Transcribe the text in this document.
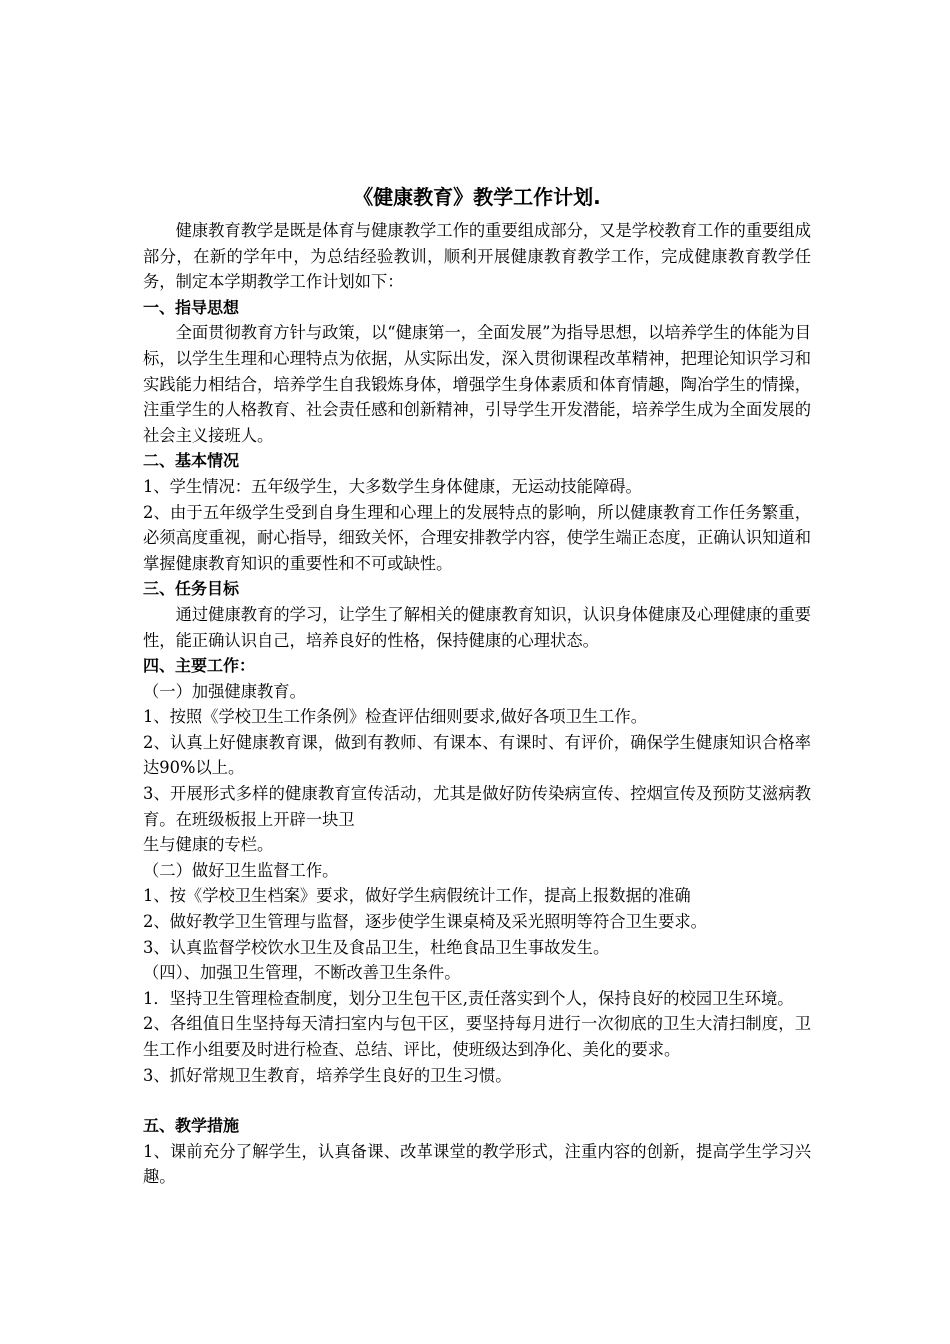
《健康教育》教学工作计划.

健康教育教学是既是体育与健康教学工作的重要组成部分，又是学校教育工作的重要组成部分，在新的学年中，为总结经验教训，顺利开展健康教育教学工作，完成健康教育教学任务，制定本学期教学工作计划如下：

一、指导思想

全面贯彻教育方针与政策，以“健康第一，全面发展”为指导思想，以培养学生的体能为目标，以学生生理和心理特点为依据，从实际出发，深入贯彻课程改革精神，把理论知识学习和实践能力相结合，培养学生自我锻炼身体，增强学生身体素质和体育情趣，陶冶学生的情操，注重学生的人格教育、社会责任感和创新精神，引导学生开发潜能，培养学生成为全面发展的社会主义接班人。

二、基本情况

1、学生情况：五年级学生，大多数学生身体健康，无运动技能障碍。

2、由于五年级学生受到自身生理和心理上的发展特点的影响，所以健康教育工作任务繁重，必须高度重视，耐心指导，细致关怀，合理安排教学内容，使学生端正态度，正确认识知道和掌握健康教育知识的重要性和不可或缺性。

三、任务目标

通过健康教育的学习，让学生了解相关的健康教育知识，认识身体健康及心理健康的重要性，能正确认识自己，培养良好的性格，保持健康的心理状态。

四、主要工作：

（一）加强健康教育。

1、按照《学校卫生工作条例》检查评估细则要求,做好各项卫生工作。

2、认真上好健康教育课，做到有教师、有课本、有课时、有评价，确保学生健康知识合格率达90%以上。

3、开展形式多样的健康教育宣传活动，尤其是做好防传染病宣传、控烟宣传及预防艾滋病教育。在班级板报上开辟一块卫

生与健康的专栏。

（二）做好卫生监督工作。

1、按《学校卫生档案》要求，做好学生病假统计工作，提高上报数据的准确

2、做好教学卫生管理与监督，逐步使学生课桌椅及采光照明等符合卫生要求。

3、认真监督学校饮水卫生及食品卫生，杜绝食品卫生事故发生。

（四）、加强卫生管理，不断改善卫生条件。

1．坚持卫生管理检查制度，划分卫生包干区,责任落实到个人，保持良好的校园卫生环境。

2、各组值日生坚持每天清扫室内与包干区，要坚持每月进行一次彻底的卫生大清扫制度，卫生工作小组要及时进行检查、总结、评比，使班级达到净化、美化的要求。

3、抓好常规卫生教育，培养学生良好的卫生习惯。

五、教学措施

1、课前充分了解学生，认真备课、改革课堂的教学形式，注重内容的创新，提高学生学习兴趣。
